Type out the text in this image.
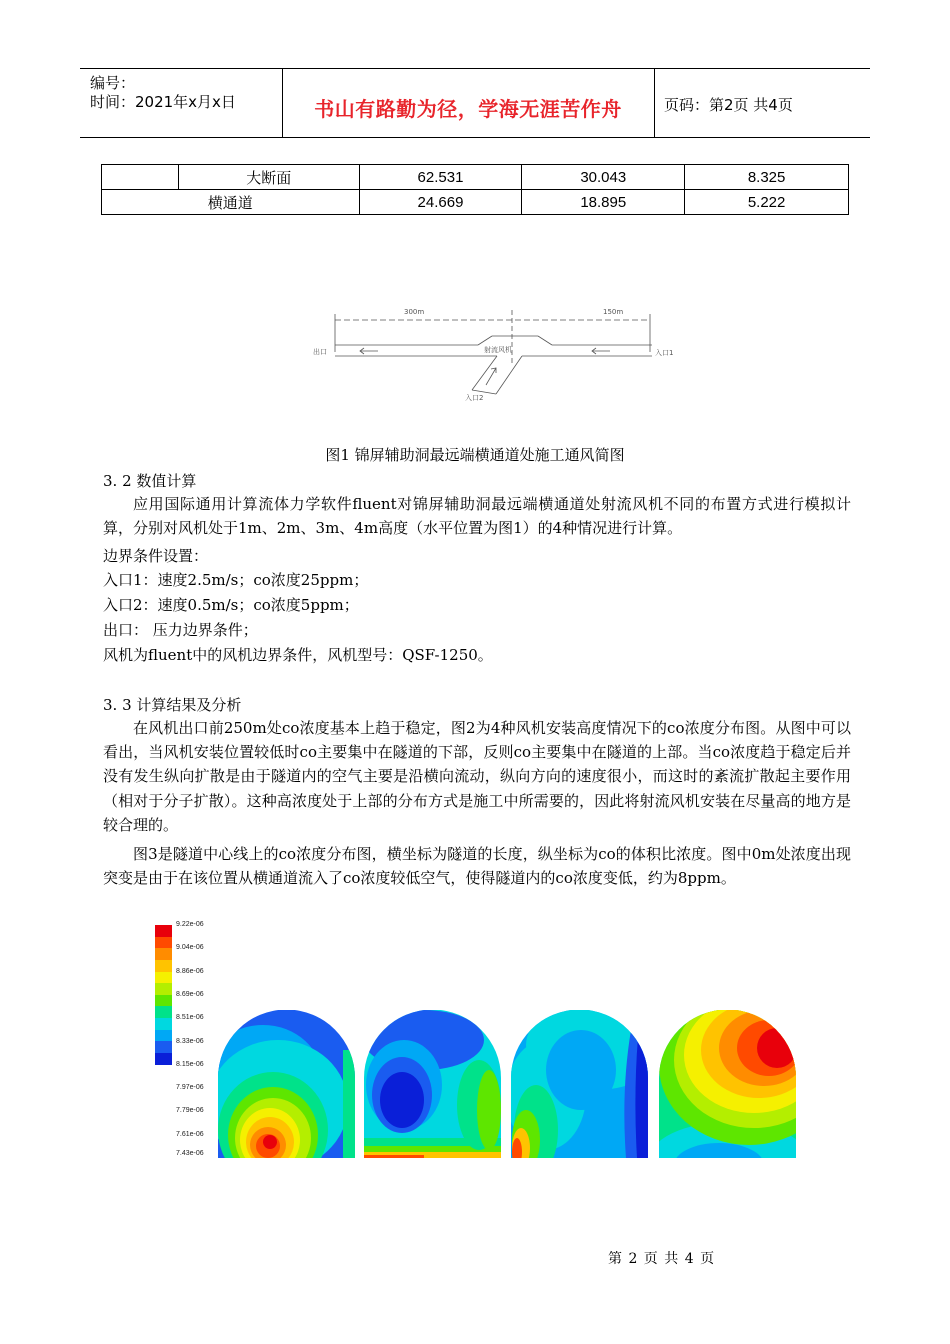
编号：
时间：2021年x月x日	书山有路勤为径，学海无涯苦作舟	页码：第2页 共4页
	大断面	62.531	30.043	8.325
横通道		24.669	18.895	5.222
300m	150m
出口	入口1
入口2
射流风机
图1 锦屏辅助洞最远端横通道处施工通风简图
3. 2 数值计算

应用国际通用计算流体力学软件fluent对锦屏辅助洞最远端横通道处射流风机不同的布置方式进行模拟计算，分别对风机处于1m、2m、3m、4m高度（水平位置为图1）的4种情况进行计算。

边界条件设置：
入口1：速度2.5m/s；co浓度25ppm；
入口2：速度0.5m/s；co浓度5ppm；
出口： 压力边界条件；
风机为fluent中的风机边界条件，风机型号：QSF-1250。
3. 3 计算结果及分析

在风机出口前250m处co浓度基本上趋于稳定，图2为4种风机安装高度情况下的co浓度分布图。从图中可以看出，当风机安装位置较低时co主要集中在隧道的下部，反则co主要集中在隧道的上部。当co浓度趋于稳定后并没有发生纵向扩散是由于隧道内的空气主要是沿横向流动，纵向方向的速度很小，而这时的紊流扩散起主要作用（相对于分子扩散）。这种高浓度处于上部的分布方式是施工中所需要的，因此将射流风机安装在尽量高的地方是较合理的。

图3是隧道中心线上的co浓度分布图，横坐标为隧道的长度，纵坐标为co的体积比浓度。图中0m处浓度出现突变是由于在该位置从横通道流入了co浓度较低空气，使得隧道内的co浓度变低，约为8ppm。

9.22e-06
9.04e-06
8.86e-06
8.69e-06
8.51e-06
8.33e-06
8.15e-06
7.97e-06
7.79e-06
7.61e-06
7.43e-06
第 2 页 共 4 页
